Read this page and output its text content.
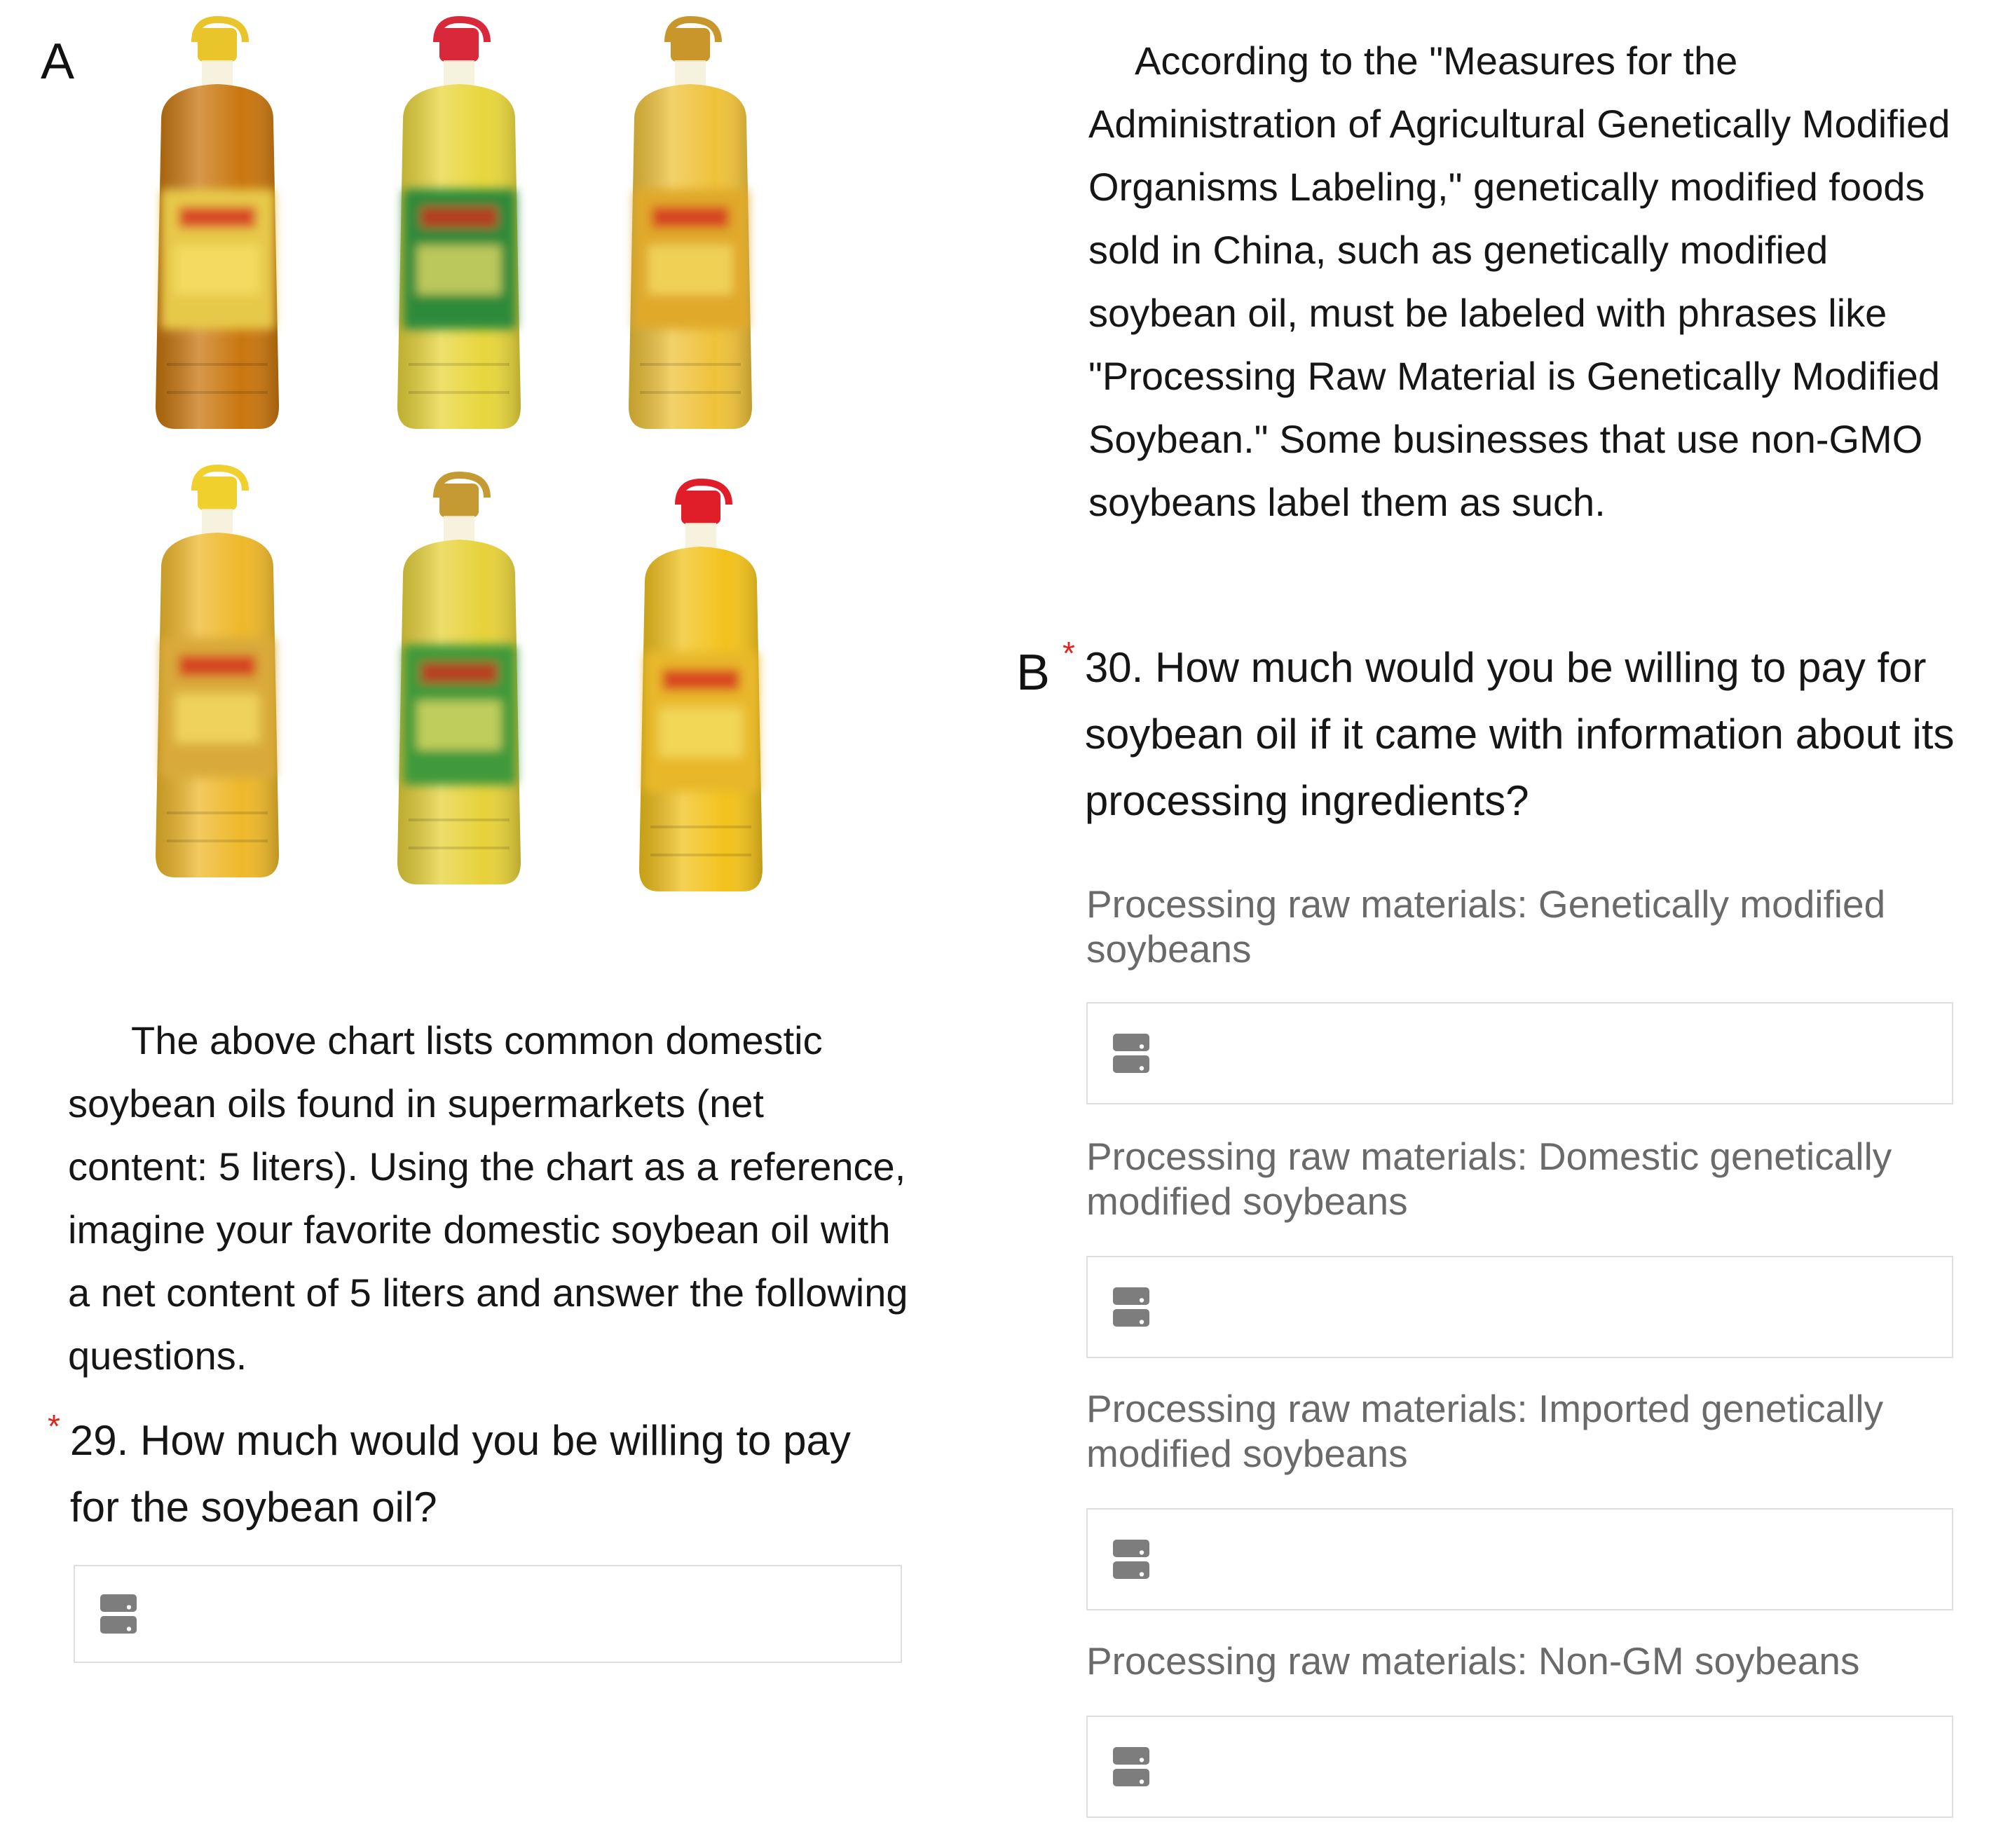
A

The above chart lists common domestic soybean oils found in supermarkets (net content: 5 liters). Using the chart as a reference, imagine your favorite domestic soybean oil with a net content of 5 liters and answer the following questions.

* 29. How much would you be willing to pay for the soybean oil?

According to the "Measures for the Administration of Agricultural Genetically Modified Organisms Labeling," genetically modified foods sold in China, such as genetically modified soybean oil, must be labeled with phrases like "Processing Raw Material is Genetically Modified Soybean." Some businesses that use non-GMO soybeans label them as such.

B * 30. How much would you be willing to pay for soybean oil if it came with information about its processing ingredients?

Processing raw materials: Genetically modified soybeans

Processing raw materials: Domestic genetically modified soybeans

Processing raw materials: Imported genetically modified soybeans

Processing raw materials: Non-GM soybeans
